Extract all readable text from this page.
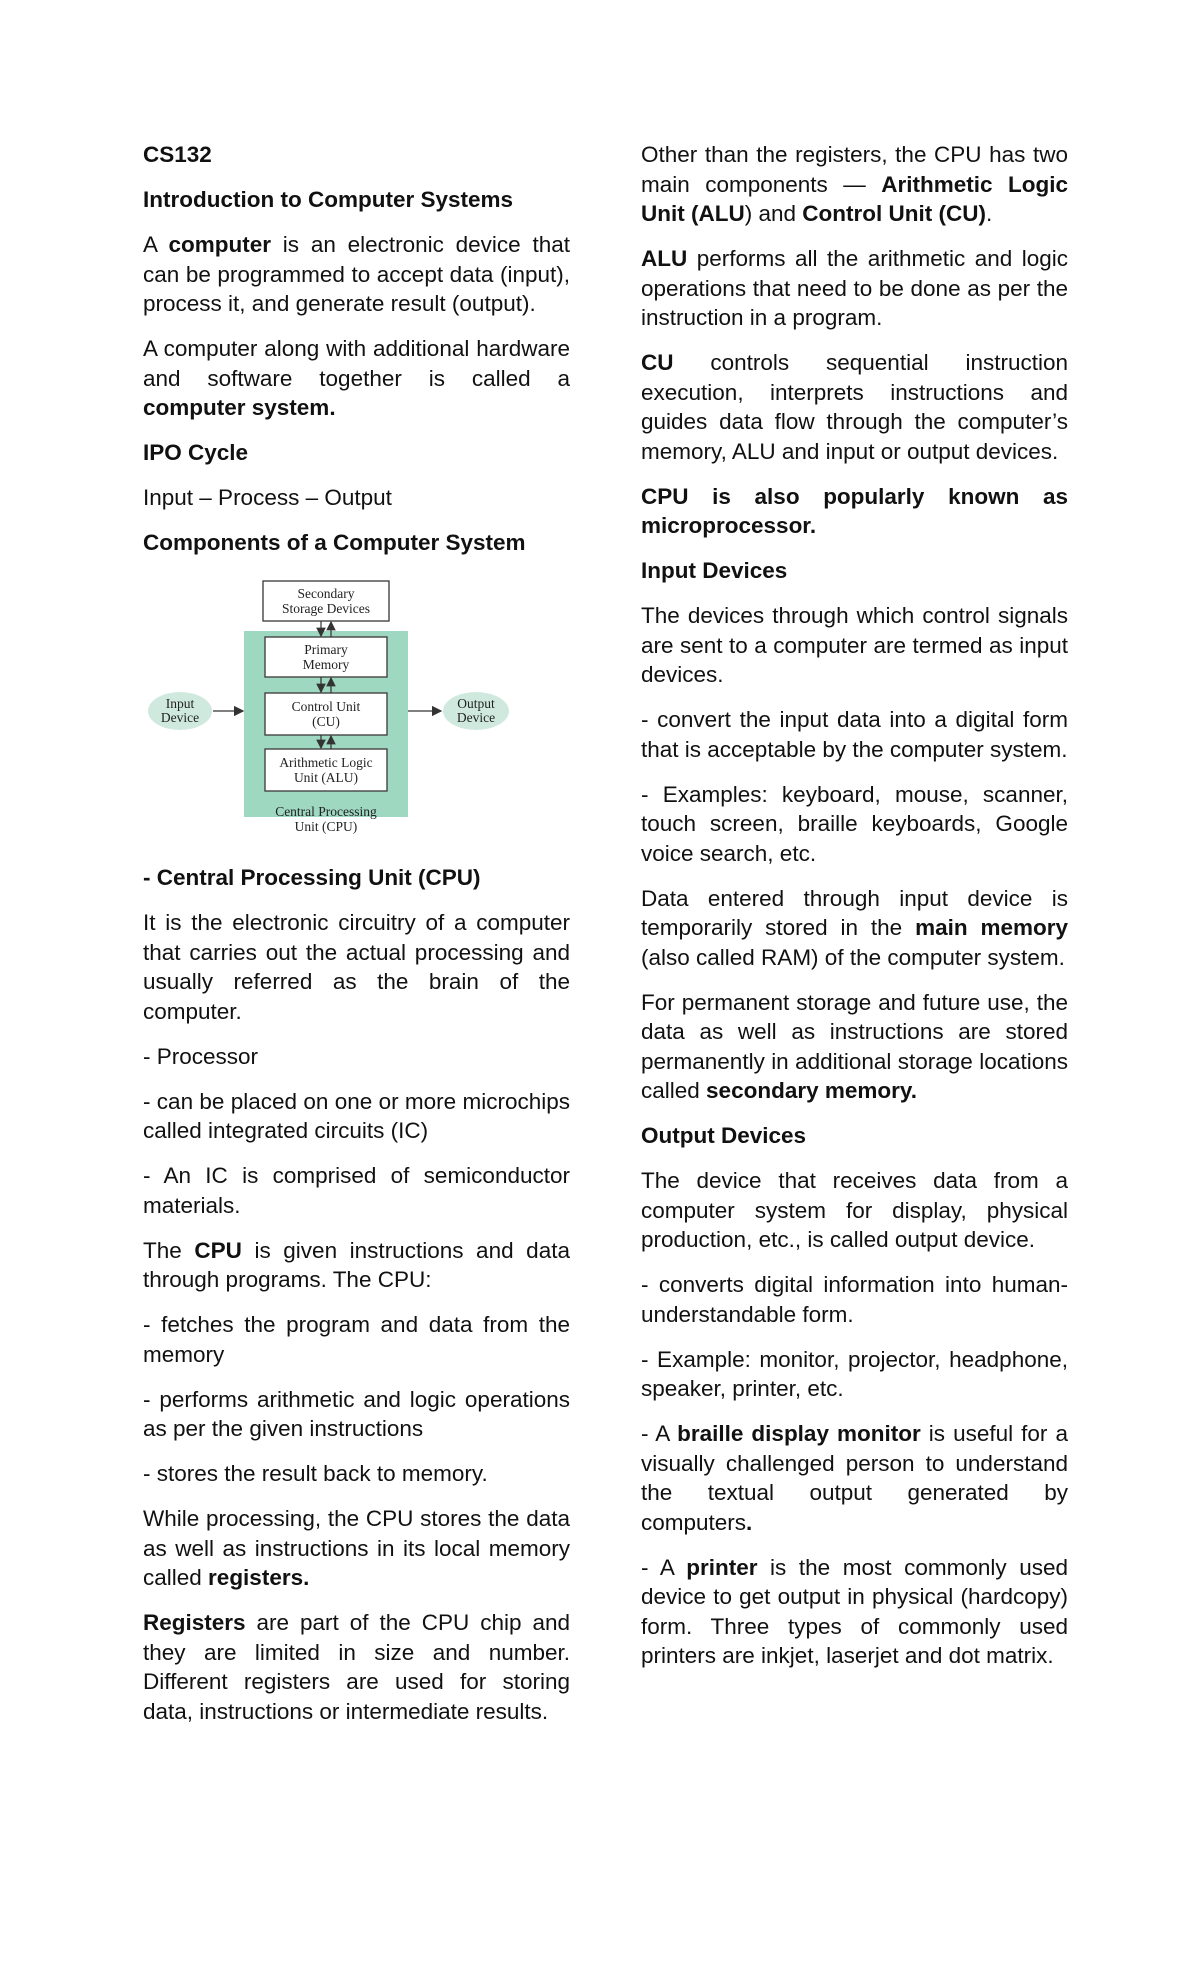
CS132

Introduction to Computer Systems

A computer is an electronic device that can be programmed to accept data (input), process it, and generate result (output).

A computer along with additional hardware and software together is called a computer system.

IPO Cycle

Input – Process – Output

Components of a Computer System

Secondary
Storage Devices
Primary
Memory
Control Unit
(CU)
Arithmetic Logic
Unit (ALU)
Central Processing
Unit (CPU)
Input
Device
Output
Device

- Central Processing Unit (CPU)

It is the electronic circuitry of a computer that carries out the actual processing and usually referred as the brain of the computer.

- Processor

- can be placed on one or more microchips called integrated circuits (IC)

- An IC is comprised of semiconductor materials.

The CPU is given instructions and data through programs. The CPU:

- fetches the program and data from the memory

- performs arithmetic and logic operations as per the given instructions

- stores the result back to memory.

While processing, the CPU stores the data as well as instructions in its local memory called registers.

Registers are part of the CPU chip and they are limited in size and number. Different registers are used for storing data, instructions or intermediate results.

Other than the registers, the CPU has two main components — Arithmetic Logic Unit (ALU) and Control Unit (CU).

ALU performs all the arithmetic and logic operations that need to be done as per the instruction in a program.

CU controls sequential instruction execution, interprets instructions and guides data flow through the computer’s memory, ALU and input or output devices.

CPU is also popularly known as microprocessor.

Input Devices

The devices through which control signals are sent to a computer are termed as input devices.

- convert the input data into a digital form that is acceptable by the computer system.

- Examples: keyboard, mouse, scanner, touch screen, braille keyboards, Google voice search, etc.

Data entered through input device is temporarily stored in the main memory (also called RAM) of the computer system.

For permanent storage and future use, the data as well as instructions are stored permanently in additional storage locations called secondary memory.

Output Devices

The device that receives data from a computer system for display, physical production, etc., is called output device.

- converts digital information into human-understandable form.

- Example: monitor, projector, headphone, speaker, printer, etc.

- A braille display monitor is useful for a visually challenged person to understand the textual output generated by computers.

- A printer is the most commonly used device to get output in physical (hardcopy) form. Three types of commonly used printers are inkjet, laserjet and dot matrix.
